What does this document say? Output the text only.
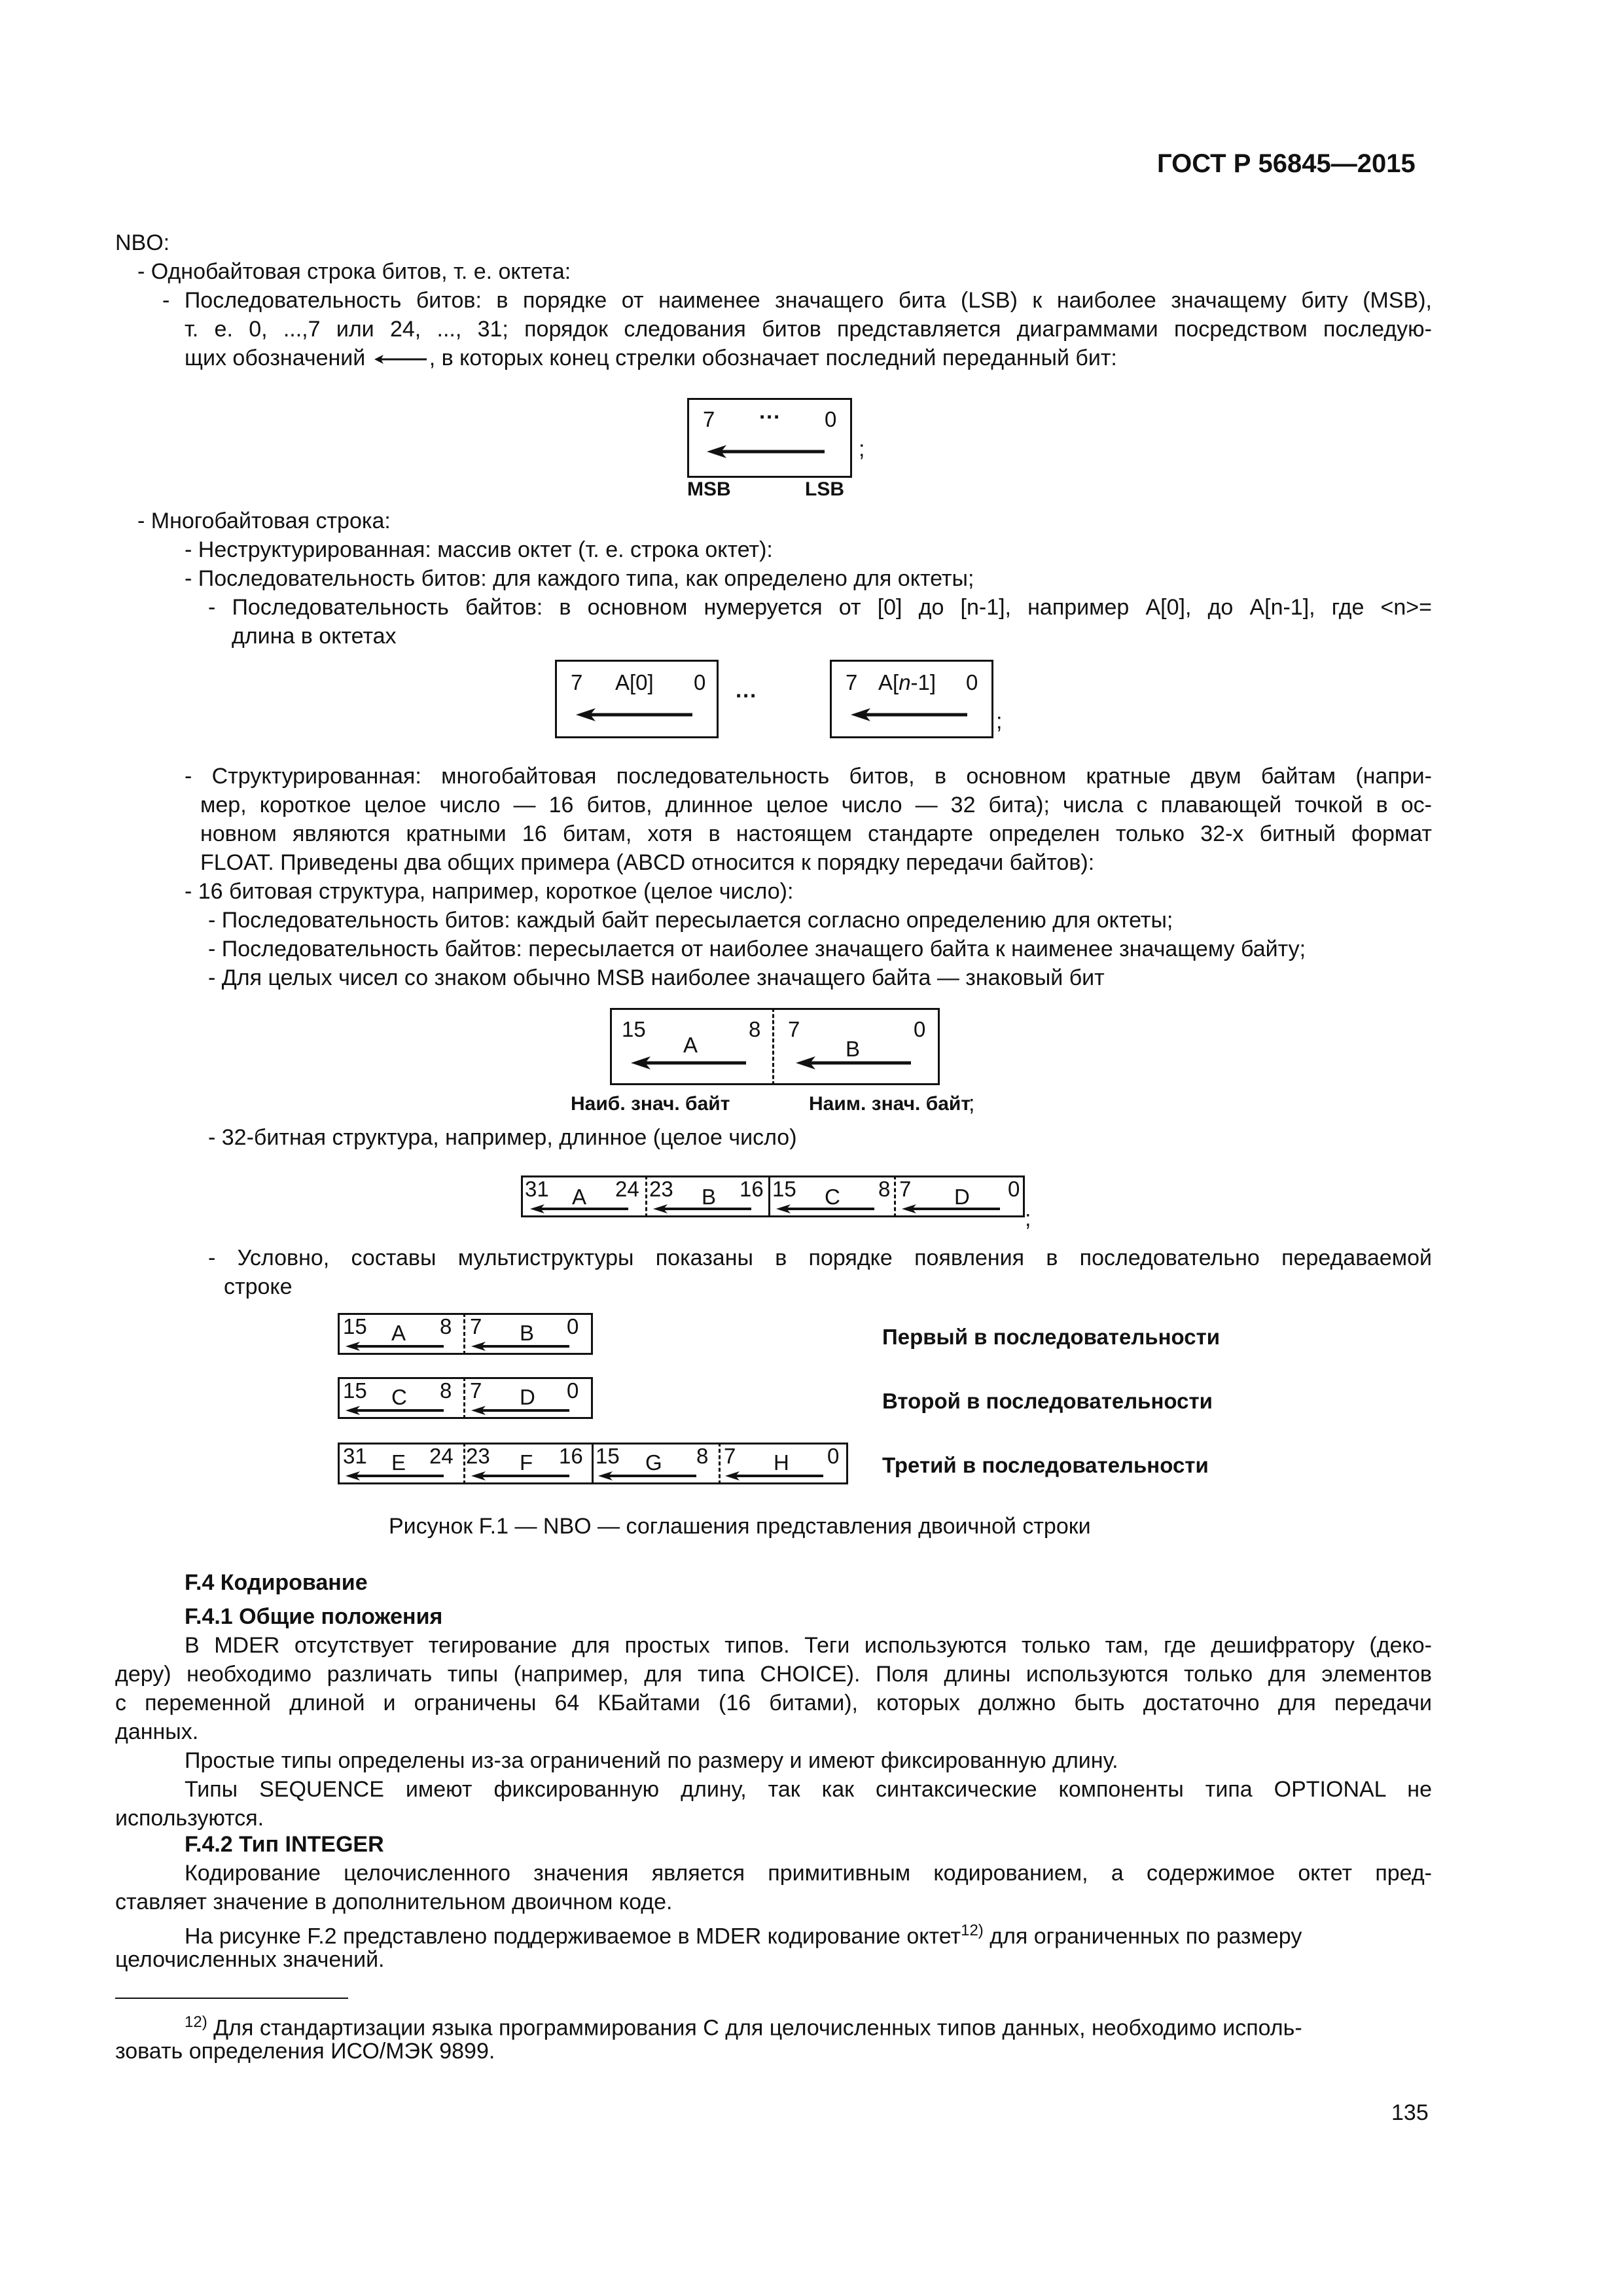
ГОСТ Р 56845—2015
NBO:
- Однобайтовая строка битов, т. е. октета:
- Последовательность битов: в порядке от наименее значащего бита (LSB) к наиболее значащему биту (MSB),
т. е. 0, ...,7 или 24, ..., 31; порядок следования битов представляется диаграммами посредством последую-
щих обозначений	, в которых конец стрелки обозначает последний переданный бит:
7 ··· 0
;
MSB	LSB
- Многобайтовая строка:
- Неструктурированная: массив октет (т. е. строка октет):
- Последовательность битов: для каждого типа, как определено для октеты;
- Последовательность байтов: в основном нумеруется от [0] до [n-1], например А[0], до А[n-1], где <n>=
длина в октетах
7 A[0] 0
···
7 A[n-1] 0
;
- Структурированная: многобайтовая последовательность битов, в основном кратные двум байтам (напри-
мер, короткое целое число — 16 битов, длинное целое число — 32 бита); числа с плавающей точкой в ос-
новном являются кратными 16 битам, хотя в настоящем стандарте определен только 32-х битный формат
FLOAT. Приведены два общих примера (ABCD относится к порядку передачи байтов):
- 16 битовая структура, например, короткое (целое число):
- Последовательность битов: каждый байт пересылается согласно определению для октеты;
- Последовательность байтов: пересылается от наиболее значащего байта к наименее значащему байту;
- Для целых чисел со знаком обычно MSB наиболее значащего байта — знаковый бит
15
A
8 7
B
0
Наиб. знач. байт	Наим. знач. байт
;
- 32-битная структура, например, длинное (целое число)
31 A 24 23 B 16 15 C 8 7 D 0
;
- Условно, составы мультиструктуры показаны в порядке появления в последовательно передаваемой
строке
15 A 8 7 B 0	Первый в последовательности
15 C 8 7 D 0	Второй в последовательности
31 E 24 23 F 16 15 G 8 7 H 0 Третий в последовательности
Рисунок F.1 — NBO — соглашения представления двоичной строки
F.4 Кодирование
F.4.1 Общие положения
В MDER отсутствует тегирование для простых типов. Теги используются только там, где дешифратору (деко-
деру) необходимо различать типы (например, для типа CHOICE). Поля длины используются только для элементов
с переменной длиной и ограничены 64 КБайтами (16 битами), которых должно быть достаточно для передачи
данных.
Простые типы определены из-за ограничений по размеру и имеют фиксированную длину.
Типы SEQUENCE имеют фиксированную длину, так как синтаксические компоненты типа OPTIONAL не
используются.
F.4.2 Тип INTEGER
Кодирование целочисленного значения является примитивным кодированием, а содержимое октет пред-
ставляет значение в дополнительном двоичном коде.
На рисунке F.2 представлено поддерживаемое в MDER кодирование октет$^{12)}$ для ограниченных по размеру
целочисленных значений.
$^{12)}$ Для стандартизации языка программирования С для целочисленных типов данных, необходимо исполь-
зовать определения ИСО/МЭК 9899.
135
